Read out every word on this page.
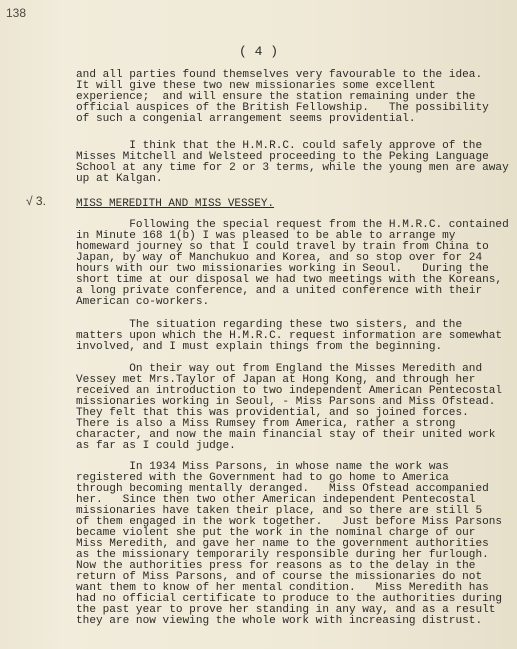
138
( 4 )
and all parties found themselves very favourable to the idea.
It will give these two new missionaries some excellent
experience;  and will ensure the station remaining under the
official auspices of the British Fellowship.   The possibility
of such a congenial arrangement seems providential.
I think that the H.M.R.C. could safely approve of the
Misses Mitchell and Welsteed proceeding to the Peking Language
School at any time for 2 or 3 terms, while the young men are away
up at Kalgan.
√ 3.	MISS MEREDITH AND MISS VESSEY.
Following the special request from the H.M.R.C. contained
in Minute 168 1(b) I was pleased to be able to arrange my
homeward journey so that I could travel by train from China to
Japan, by way of Manchukuo and Korea, and so stop over for 24
hours with our two missionaries working in Seoul.   During the
short time at our disposal we had two meetings with the Koreans,
a long private conference, and a united conference with their
American co-workers.
The situation regarding these two sisters, and the
matters upon which the H.M.R.C. request information are somewhat
involved, and I must explain things from the beginning.
On their way out from England the Misses Meredith and
Vessey met Mrs.Taylor of Japan at Hong Kong, and through her
received an introduction to two independent American Pentecostal
missionaries working in Seoul, - Miss Parsons and Miss Ofstead.
They felt that this was providential, and so joined forces.
There is also a Miss Rumsey from America, rather a strong
character, and now the main financial stay of their united work
as far as I could judge.
In 1934 Miss Parsons, in whose name the work was
registered with the Government had to go home to America
through becoming mentally deranged.   Miss Ofstead accompanied
her.   Since then two other American independent Pentecostal
missionaries have taken their place, and so there are still 5
of them engaged in the work together.   Just before Miss Parsons
became violent she put the work in the nominal charge of our
Miss Meredith, and gave her name to the government authorities
as the missionary temporarily responsible during her furlough.
Now the authorities press for reasons as to the delay in the
return of Miss Parsons, and of course the missionaries do not
want them to know of her mental condition.   Miss Meredith has
had no official certificate to produce to the authorities during
the past year to prove her standing in any way, and as a result
they are now viewing the whole work with increasing distrust.
